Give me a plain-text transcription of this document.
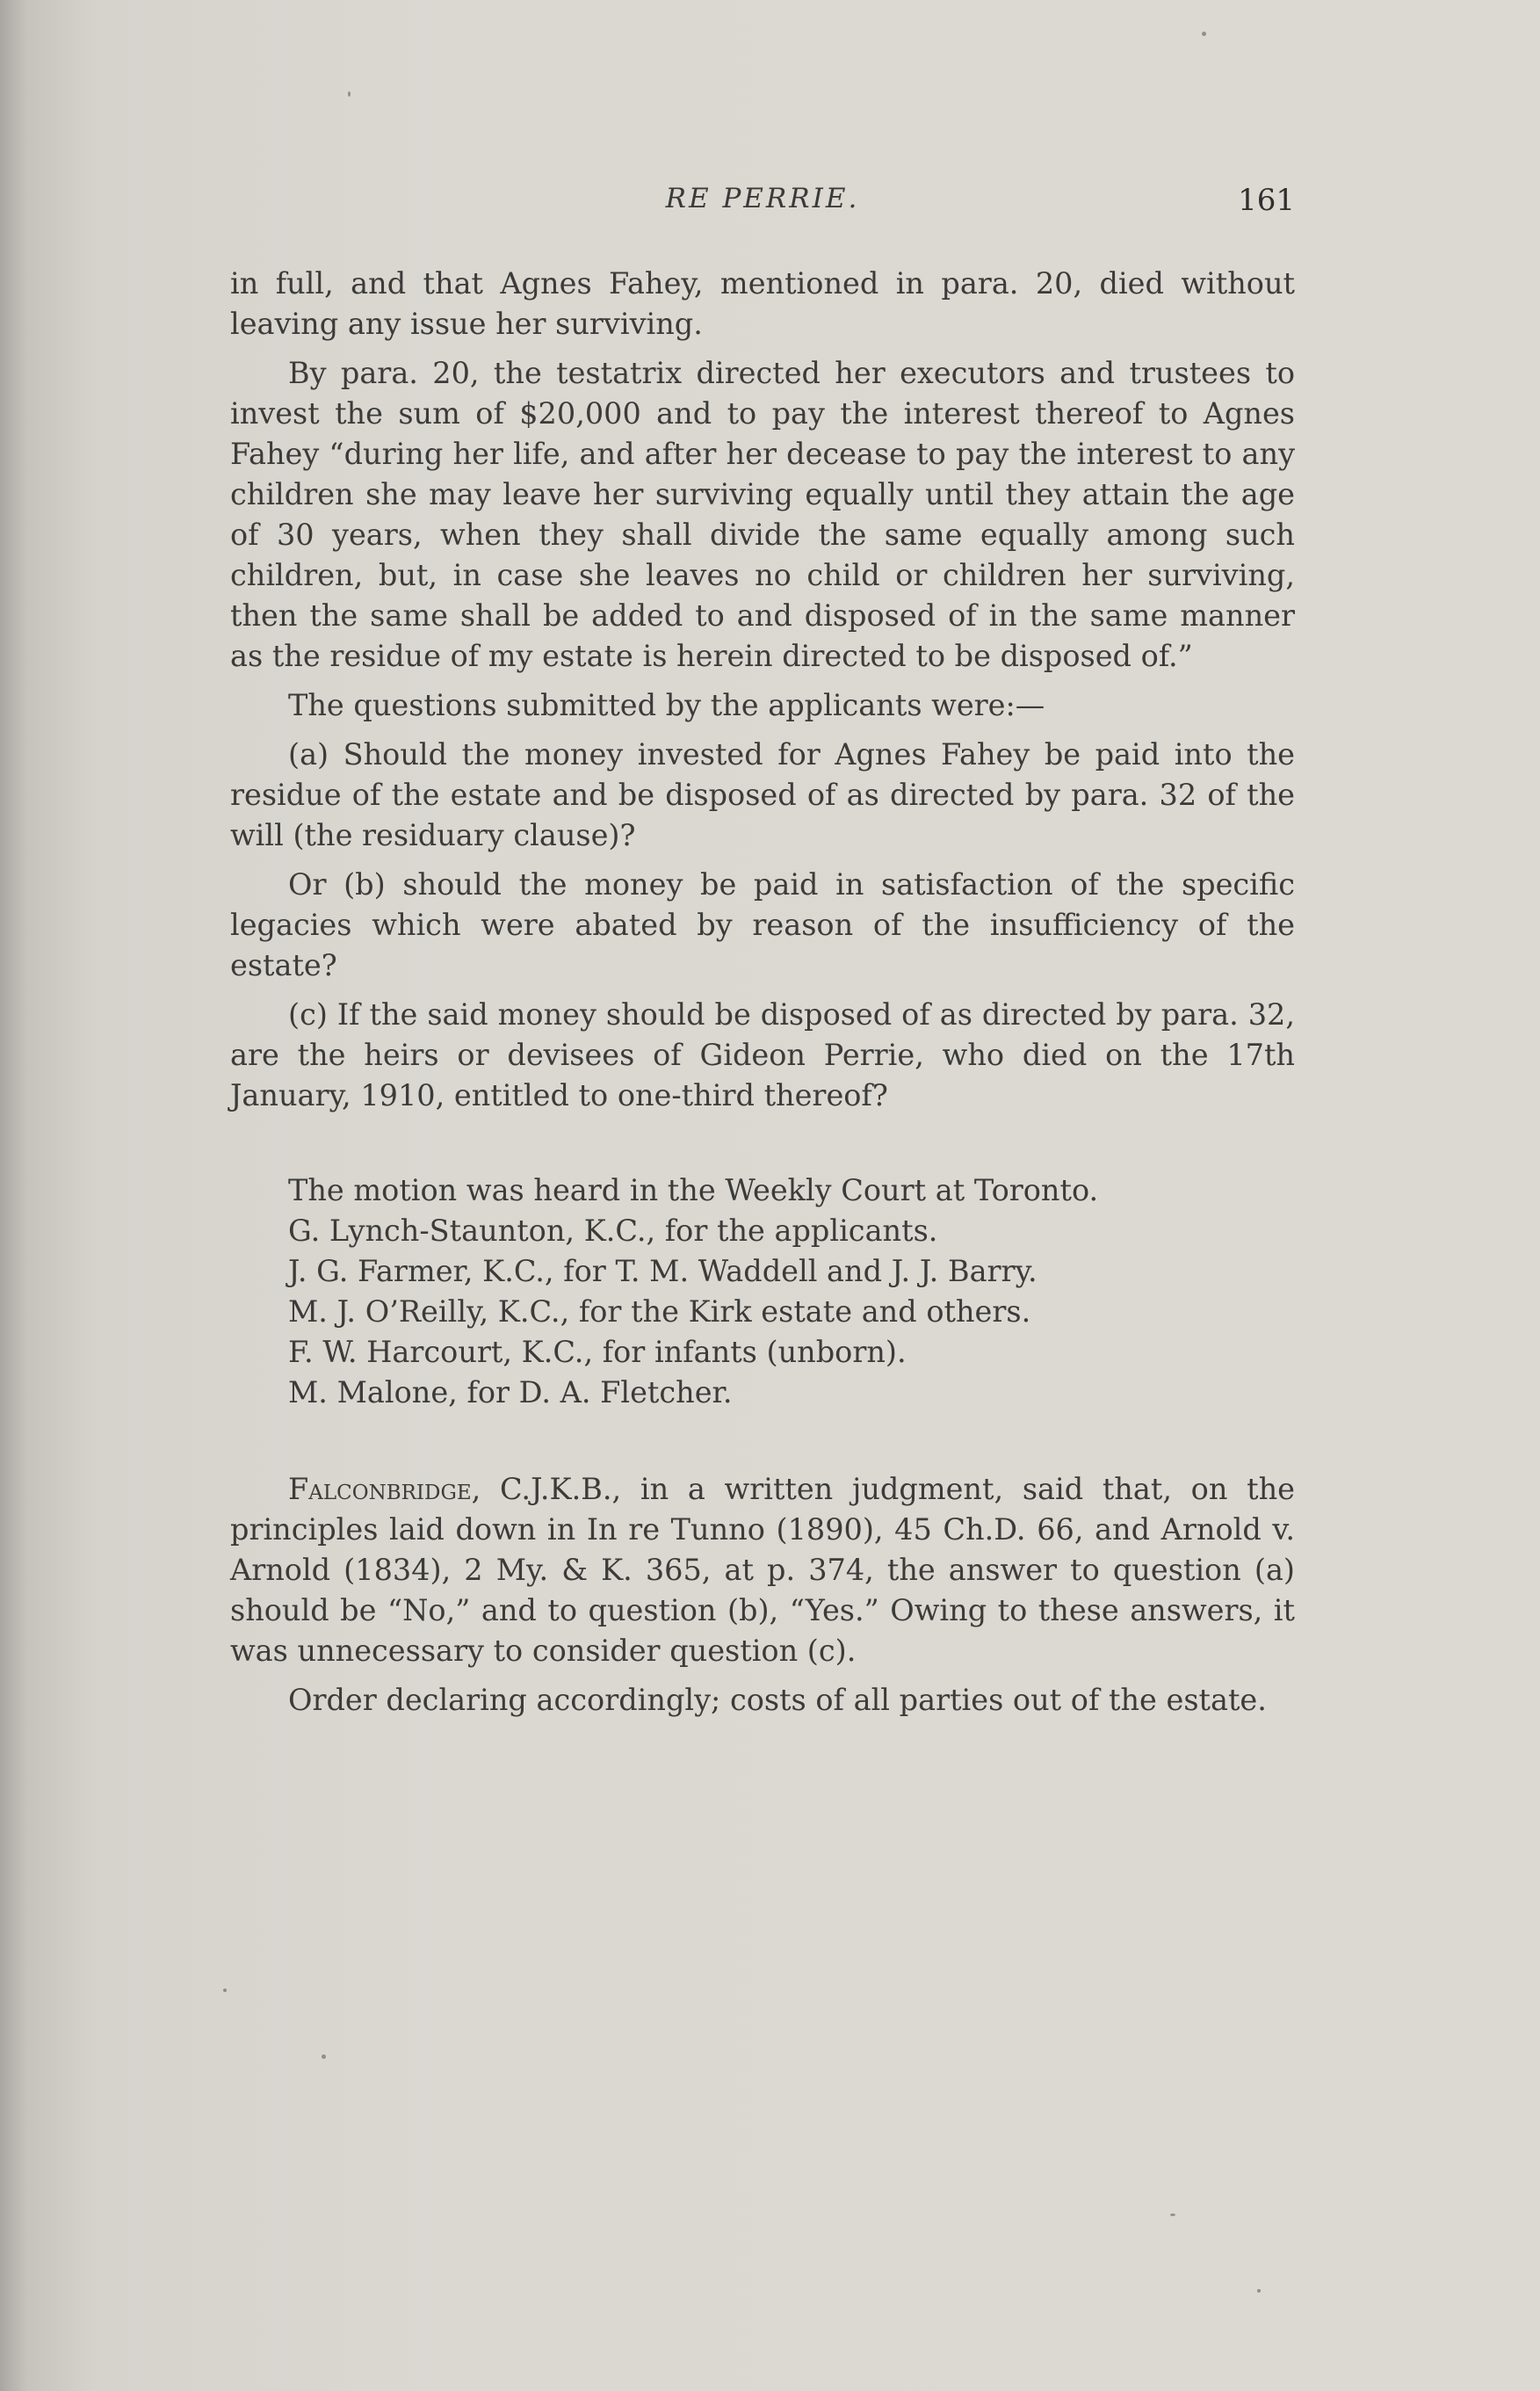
RE PERRIE.	161

in full, and that Agnes Fahey, mentioned in para. 20, died without leaving any issue her surviving.

By para. 20, the testatrix directed her executors and trustees to invest the sum of $20,000 and to pay the interest thereof to Agnes Fahey “during her life, and after her decease to pay the interest to any children she may leave her surviving equally until they attain the age of 30 years, when they shall divide the same equally among such children, but, in case she leaves no child or children her surviving, then the same shall be added to and disposed of in the same manner as the residue of my estate is herein directed to be disposed of.”

The questions submitted by the applicants were:—

(a) Should the money invested for Agnes Fahey be paid into the residue of the estate and be disposed of as directed by para. 32 of the will (the residuary clause)?

Or (b) should the money be paid in satisfaction of the specific legacies which were abated by reason of the insufficiency of the estate?

(c) If the said money should be disposed of as directed by para. 32, are the heirs or devisees of Gideon Perrie, who died on the 17th January, 1910, entitled to one-third thereof?

The motion was heard in the Weekly Court at Toronto.
G. Lynch-Staunton, K.C., for the applicants.
J. G. Farmer, K.C., for T. M. Waddell and J. J. Barry.
M. J. O’Reilly, K.C., for the Kirk estate and others.
F. W. Harcourt, K.C., for infants (unborn).
M. Malone, for D. A. Fletcher.

Falconbridge, C.J.K.B., in a written judgment, said that, on the principles laid down in In re Tunno (1890), 45 Ch.D. 66, and Arnold v. Arnold (1834), 2 My. & K. 365, at p. 374, the answer to question (a) should be “No,” and to question (b), “Yes.” Owing to these answers, it was unnecessary to consider question (c).

Order declaring accordingly; costs of all parties out of the estate.
